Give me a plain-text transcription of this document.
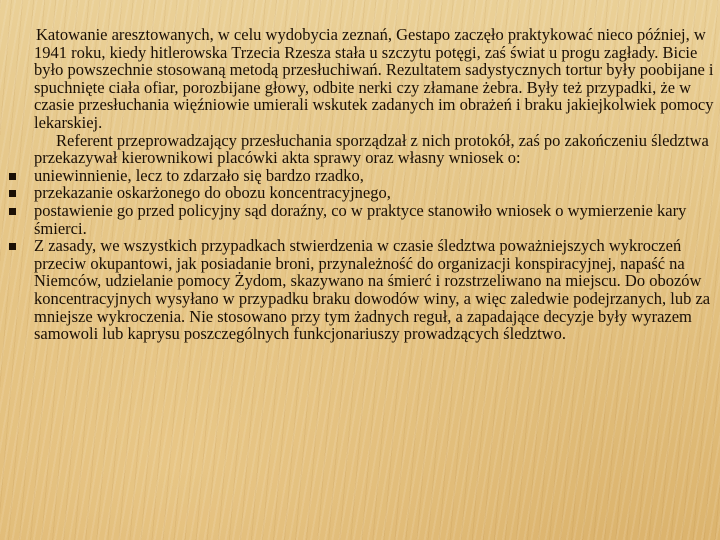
Katowanie aresztowanych, w celu wydobycia zeznań, Gestapo zaczęło praktykować nieco później, w 1941 roku, kiedy hitlerowska Trzecia Rzesza stała u szczytu potęgi, zaś świat u progu zagłady. Bicie było powszechnie stosowaną metodą przesłuchiwań. Rezultatem sadystycznych tortur były poobijane i spuchnięte ciała ofiar, porozbijane głowy, odbite nerki czy złamane żebra. Były też przypadki, że w czasie przesłuchania więźniowie umierali wskutek zadanych im obrażeń i braku jakiejkolwiek pomocy lekarskiej.

Referent przeprowadzający przesłuchania sporządzał z nich protokół, zaś po zakończeniu śledztwa przekazywał kierownikowi placówki akta sprawy oraz własny wniosek o:

uniewinnienie, lecz to zdarzało się bardzo rzadko,
przekazanie oskarżonego do obozu koncentracyjnego,
postawienie go przed policyjny sąd doraźny, co w praktyce stanowiło wniosek o wymierzenie kary śmierci.
Z zasady, we wszystkich przypadkach stwierdzenia w czasie śledztwa poważniejszych wykroczeń przeciw okupantowi, jak posiadanie broni, przynależność do organizacji konspiracyjnej, napaść na Niemców, udzielanie pomocy Żydom, skazywano na śmierć i rozstrzeliwano na miejscu. Do obozów koncentracyjnych wysyłano w przypadku braku dowodów winy, a więc zaledwie podejrzanych, lub za mniejsze wykroczenia. Nie stosowano przy tym żadnych reguł, a zapadające decyzje były wyrazem samowoli lub kaprysu poszczególnych funkcjonariuszy prowadzących śledztwo.
